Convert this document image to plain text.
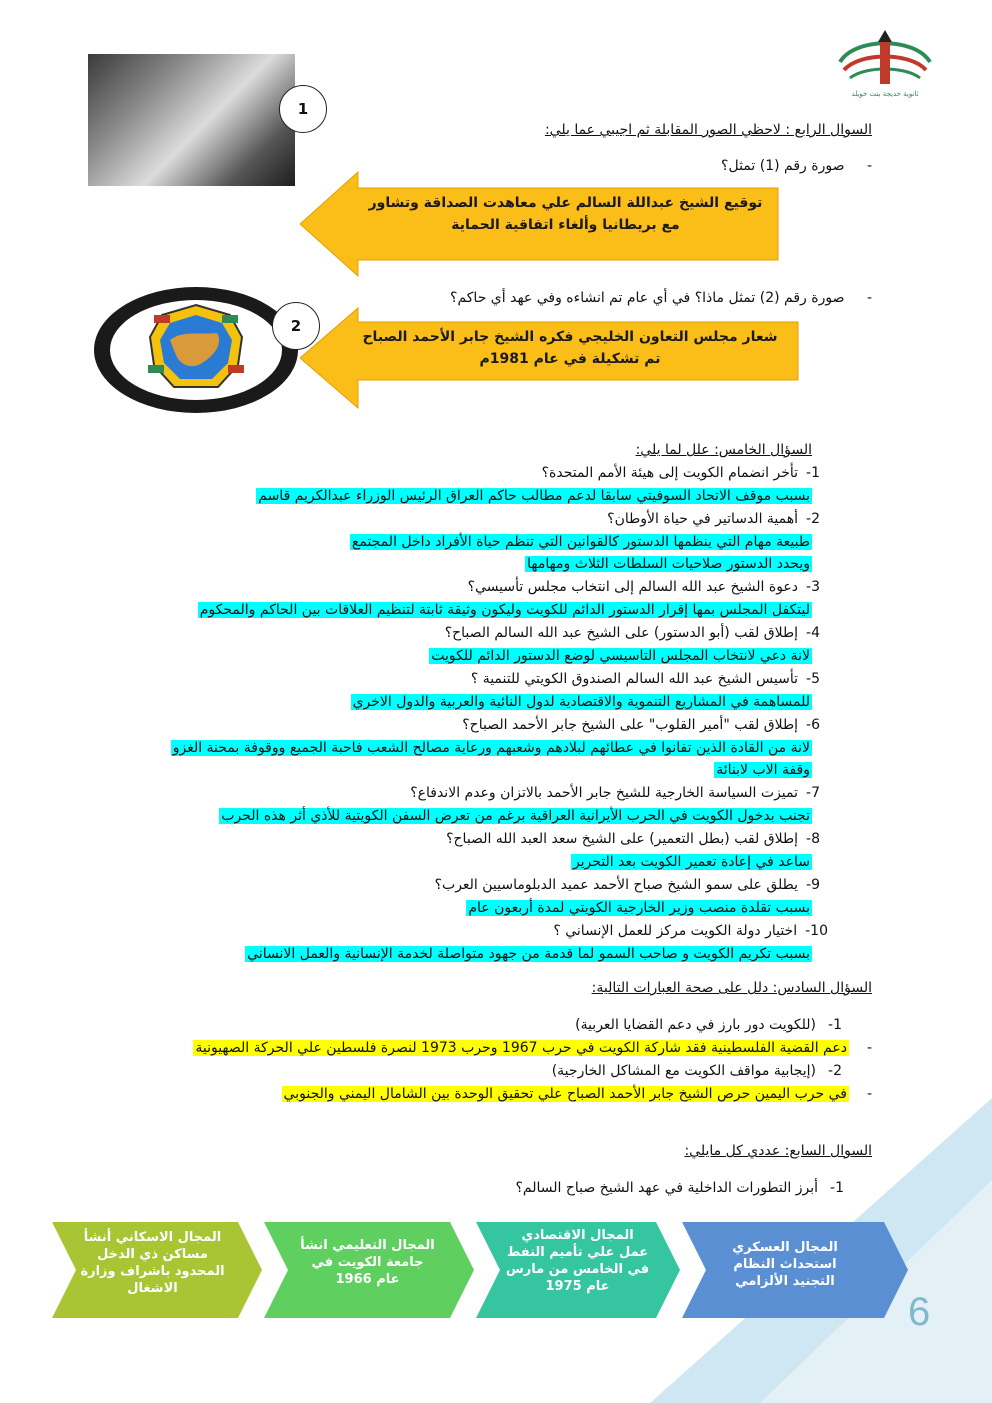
6
ثانوية خديجة بنت خويلد
1
السوال الرابع : لاحظي الصور المقابلة ثم اجيبي عما يلي:
- صورة رقم (1) تمثل؟
توقيع الشيخ عبداللة السالم علي معاهدت الصداقة وتشاور مع بريطانيا وألغاء اتفاقية الحماية
- صورة رقم (2) تمثل ماذا؟ في أي عام تم انشاءه وفي عهد أي حاكم؟
2
شعار مجلس التعاون الخليجي فكره الشيخ جابر الأحمد الصباح تم تشكيلة في عام 1981م
السؤال الخامس: علل لما يلي:
1-تأخر انضمام الكويت إلى هيئة الأمم المتحدة؟
بسبب موقف الاتحاد السوفيتي سابقا لدعم مطالب حاكم العراق الرئيس الوزراء عبدالكريم قاسم
2-أهمية الدساتير في حياة الأوطان؟
طبيعة مهام التي ينظمها الدستور كالقوانين التي تنظم حياة الأفراد داخل المجتمع
ويحدد الدستور صلاحيات السلطات الثلاث ومهامها
3-دعوة الشيخ عبد الله السالم إلى انتخاب مجلس تأسيسي؟
ليتكفل المجلس بمها إقرار الدستور الدائم للكويت وليكون وثيقة ثابتة لتنظيم العلاقات بين الحاكم والمحكوم
4-إطلاق لقب (أبو الدستور) على الشيخ عبد الله السالم الصباح؟
لانة دعي لانتخاب المجلس التاسيسي لوضع الدستور الدائم للكويت
5-تأسيس الشيخ عبد الله السالم الصندوق الكويتي للتنمية ؟
للمساهمة في المشاريع التنموية والاقتصادية لدول النائية والعربية والدول الاخري
6-إطلاق لقب "أمير القلوب" على الشيخ جابر الأحمد الصباح؟
لانة من القادة الذين تفانوا في عطائهم لبلادهم وشعبهم ورعاية مصالح الشعب فاحبة الجميع ووقوفة بمحنة الغزو
وقفة الاب لابنائة
7-تميزت السياسة الخارجية للشيخ جابر الأحمد بالاتزان وعدم الاندفاع؟
تجنب بدخول الكويت في الحرب الأيرانية العراقية برغم من تعرض السفن الكويتية للأذي أثر هذه الحرب
8-إطلاق لقب (بطل التعمير) على الشيخ سعد العبد الله الصباح؟
ساعد في إعادة تعمير الكويت بعد التحرير
9-يطلق على سمو الشيخ صباح الأحمد عميد الدبلوماسيين العرب؟
بسبب تقلدة منصب وزير الخارجية الكويتي لمدة أربعون عام
10-اختيار دولة الكويت مركز للعمل الإنساني ؟
بسبب تكريم الكويت و صاحب السمو لما قدمة من جهود متواصلة لخدمة الإنسانية والعمل الانساني
السؤال السادس: دلل على صحة العبارات التالية:
1-(للكويت دور بارز في دعم القضايا العربية)
-دعم القضية الفلسطينية فقد شاركة الكويت في حرب 1967 وحرب 1973 لنصرة فلسطين علي الحركة الصهيونية
2-(إيجابية مواقف الكويت مع المشاكل الخارجية)
-في حرب اليمين حرص الشيخ جابر الأحمد الصباح علي تحقيق الوحدة بين الشامال اليمني والجنوبي
السوال السابع: عددي كل مايلي:
1-أبرز التطورات الداخلية في عهد الشيخ صباح السالم؟
المجال العسكري استحداث النظام التجنيد الألزامي
المجال الاقتصادي عمل علي تأميم النفط في الخامس من مارس عام 1975
المجال التعليمي انشأ جامعة الكويت في عام 1966
المجال الاسكاني أنشأ مساكن ذي الدخل المحدود باشراف وزارة الاشغال
